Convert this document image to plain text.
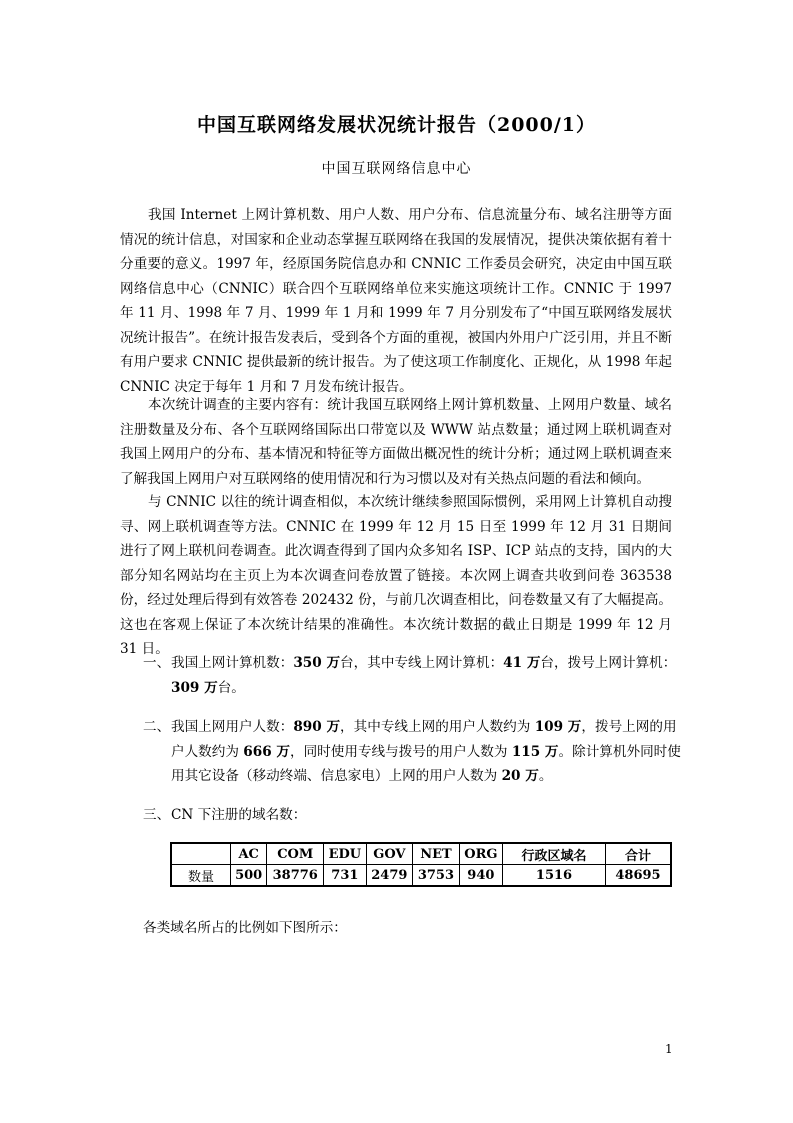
中国互联网络发展状况统计报告（2000/1）
中国互联网络信息中心

我国 Internet 上网计算机数、用户人数、用户分布、信息流量分布、域名注册等方面情况的统计信息，对国家和企业动态掌握互联网络在我国的发展情况，提供决策依据有着十分重要的意义。1997 年，经原国务院信息办和 CNNIC 工作委员会研究，决定由中国互联网络信息中心（CNNIC）联合四个互联网络单位来实施这项统计工作。CNNIC 于 1997 年 11 月、1998 年 7 月、1999 年 1 月和 1999 年 7 月分别发布了“中国互联网络发展状况统计报告”。在统计报告发表后，受到各个方面的重视，被国内外用户广泛引用，并且不断有用户要求 CNNIC 提供最新的统计报告。为了使这项工作制度化、正规化，从 1998 年起 CNNIC 决定于每年 1 月和 7 月发布统计报告。

本次统计调查的主要内容有：统计我国互联网络上网计算机数量、上网用户数量、域名注册数量及分布、各个互联网络国际出口带宽以及 WWW 站点数量；通过网上联机调查对我国上网用户的分布、基本情况和特征等方面做出概况性的统计分析；通过网上联机调查来了解我国上网用户对互联网络的使用情况和行为习惯以及对有关热点问题的看法和倾向。

与 CNNIC 以往的统计调查相似，本次统计继续参照国际惯例，采用网上计算机自动搜寻、网上联机调查等方法。CNNIC 在 1999 年 12 月 15 日至 1999 年 12 月 31 日期间进行了网上联机问卷调查。此次调查得到了国内众多知名 ISP、ICP 站点的支持，国内的大部分知名网站均在主页上为本次调查问卷放置了链接。本次网上调查共收到问卷 363538 份，经过处理后得到有效答卷 202432 份，与前几次调查相比，问卷数量又有了大幅提高。这也在客观上保证了本次统计结果的准确性。本次统计数据的截止日期是 1999 年 12 月 31 日。

一、 我国上网计算机数：350 万台，其中专线上网计算机：41 万台，拨号上网计算机：309 万台。

二、 我国上网用户人数：890 万，其中专线上网的用户人数约为 109 万，拨号上网的用户人数约为 666 万，同时使用专线与拨号的用户人数为 115 万。除计算机外同时使用其它设备（移动终端、信息家电）上网的用户人数为 20 万。

三、 CN 下注册的域名数：

	AC	COM	EDU	GOV	NET	ORG	行政区域名	合计
数量	500	38776	731	2479	3753	940	1516	48695
各类域名所占的比例如下图所示：
1
